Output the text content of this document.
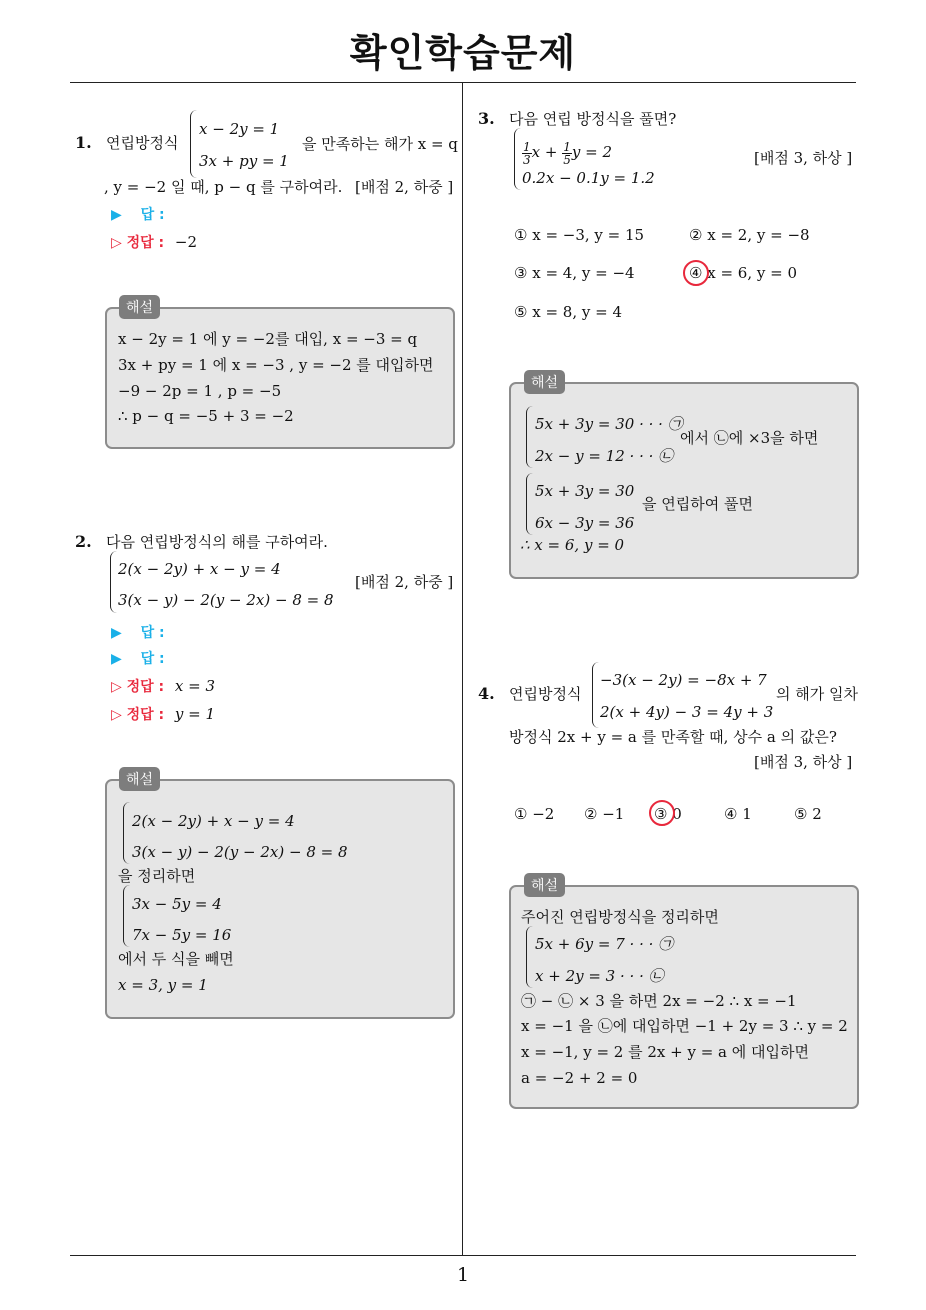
확인학습문제
1
1. 연립방정식
x − 2y = 1
3x + py = 1
을 만족하는 해가 x = q
, y = −2 일 때, p − q 를 구하여라. [배점 2, 하중 ]
▶ 답 :
▷ 정답 : −2
해설
x − 2y = 1 에 y = −2를 대입, x = −3 = q
3x + py = 1 에 x = −3 , y = −2 를 대입하면
−9 − 2p = 1 , p = −5
∴ p − q = −5 + 3 = −2
2. 다음 연립방정식의 해를 구하여라.
2(x − 2y) + x − y = 4
3(x − y) − 2(y − 2x) − 8 = 8
[배점 2, 하중 ]
▶ 답 :
▶ 답 :
▷ 정답 : x = 3
▷ 정답 : y = 1
해설
2(x − 2y) + x − y = 4
3(x − y) − 2(y − 2x) − 8 = 8
을 정리하면
3x − 5y = 4
7x − 5y = 16
에서 두 식을 빼면
x = 3, y = 1
3. 다음 연립 방정식을 풀면?
$\frac{1}{3}$ $x + \frac{1}{5}$ y = 2
0.2x − 0.1y = 1.2
[배점 3, 하상 ]
① x = −3, y = 15	② x = 2, y = −8
③ x = 4, y = −4	④ x = 6, y = 0
⑤ x = 8, y = 4
해설
5x + 3y = 30 · · · ㉠
2x − y = 12 · · · ㉡
에서 ㉡에 ×3을 하면
5x + 3y = 30
6x − 3y = 36
을 연립하여 풀면
∴ x = 6, y = 0
4. 연립방정식
−3(x − 2y) = −8x + 7
2(x + 4y) − 3 = 4y + 3
의 해가 일차
방정식 2x + y = a 를 만족할 때, 상수 a 의 값은?
[배점 3, 하상 ]
① −2 ② −1 ③ 0	④ 1	⑤ 2
해설
주어진 연립방정식을 정리하면
5x + 6y = 7 · · · ㉠
x + 2y = 3 · · · ㉡
㉠ − ㉡ × 3 을 하면 2x = −2 ∴ x = −1
x = −1 을 ㉡에 대입하면 −1 + 2y = 3 ∴ y = 2
x = −1, y = 2 를 2x + y = a 에 대입하면
a = −2 + 2 = 0
